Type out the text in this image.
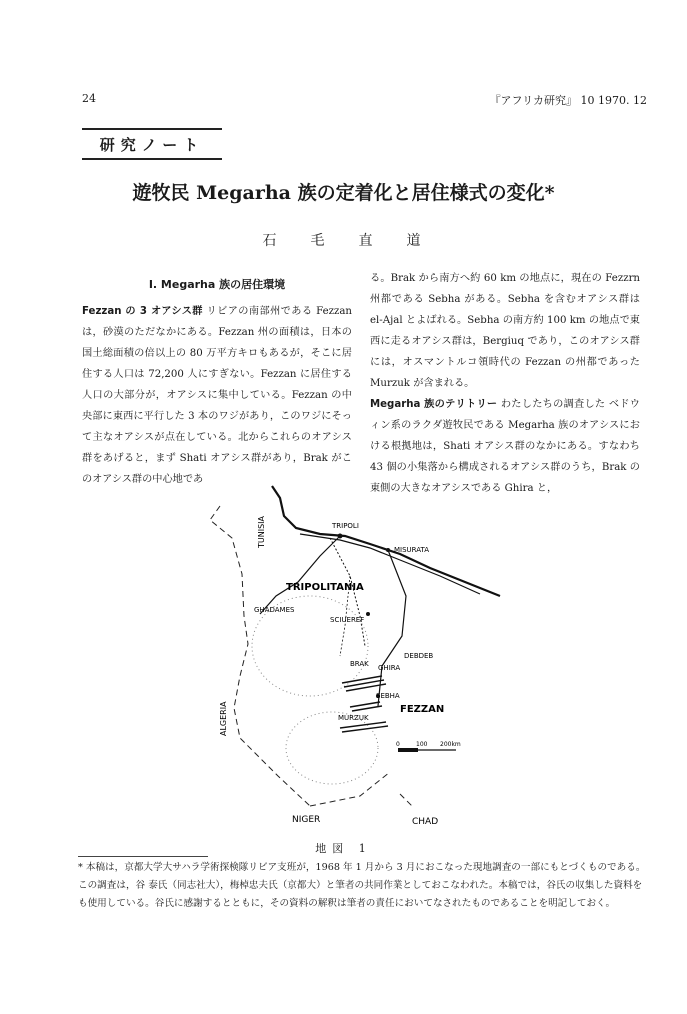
24	『アフリカ研究』 10 1970. 12
研究ノート
遊牧民 Megarha 族の定着化と居住様式の変化*
石毛直道
I. Megarha 族の居住環境

Fezzan の 3 オアシス群 リビアの南部州である Fezzan は，砂漠のただなかにある。Fezzan 州の面積は，日本の国土総面積の倍以上の 80 万平方キロもあるが，そこに居住する人口は 72,200 人にすぎない。Fezzan に居住する人口の大部分が，オアシスに集中している。Fezzan の中央部に東西に平行した 3 本のワジがあり，このワジにそって主なオアシスが点在している。北からこれらのオアシス群をあげると，まず Shati オアシス群があり，Brak がこのオアシス群の中心地であ

る。Brak から南方へ約 60 km の地点に，現在の Fezzrn 州都である Sebha がある。Sebha を含むオアシス群は el-Ajal とよばれる。Sebha の南方約 100 km の地点で東西に走るオアシス群は，Bergiuq であり，このオアシス群には，オスマントルコ領時代の Fezzan の州都であった Murzuk が含まれる。

Megarha 族のテリトリー わたしたちの調査した ベドウィン系のラクダ遊牧民である Megarha 族のオアシスにおける根拠地は，Shati オアシス群のなかにある。すなわち 43 個の小集落から構成されるオアシス群のうち，Brak の東側の大きなオアシスである Ghira と，

TUNISIA	TRIPOLI
MISURATA
TRIPOLITANIA
GHADAMES
SCIUEREF
DEBDEB
BRAK GHIRA
SEBHA
FEZZAN
MURZUK
ALGERIA
NIGER	CHAD
0	100 200km
地図 1
* 本稿は，京都大学大サハラ学術探検隊リビア支班が，1968 年 1 月から 3 月におこなった現地調査の一部にもとづくものである。この調査は，谷 泰氏（同志社大），梅棹忠夫氏（京都大）と筆者の共同作業としておこなわれた。本稿では，谷氏の収集した資料をも使用している。谷氏に感謝するとともに，その資料の解釈は筆者の責任においてなされたものであることを明記しておく。
